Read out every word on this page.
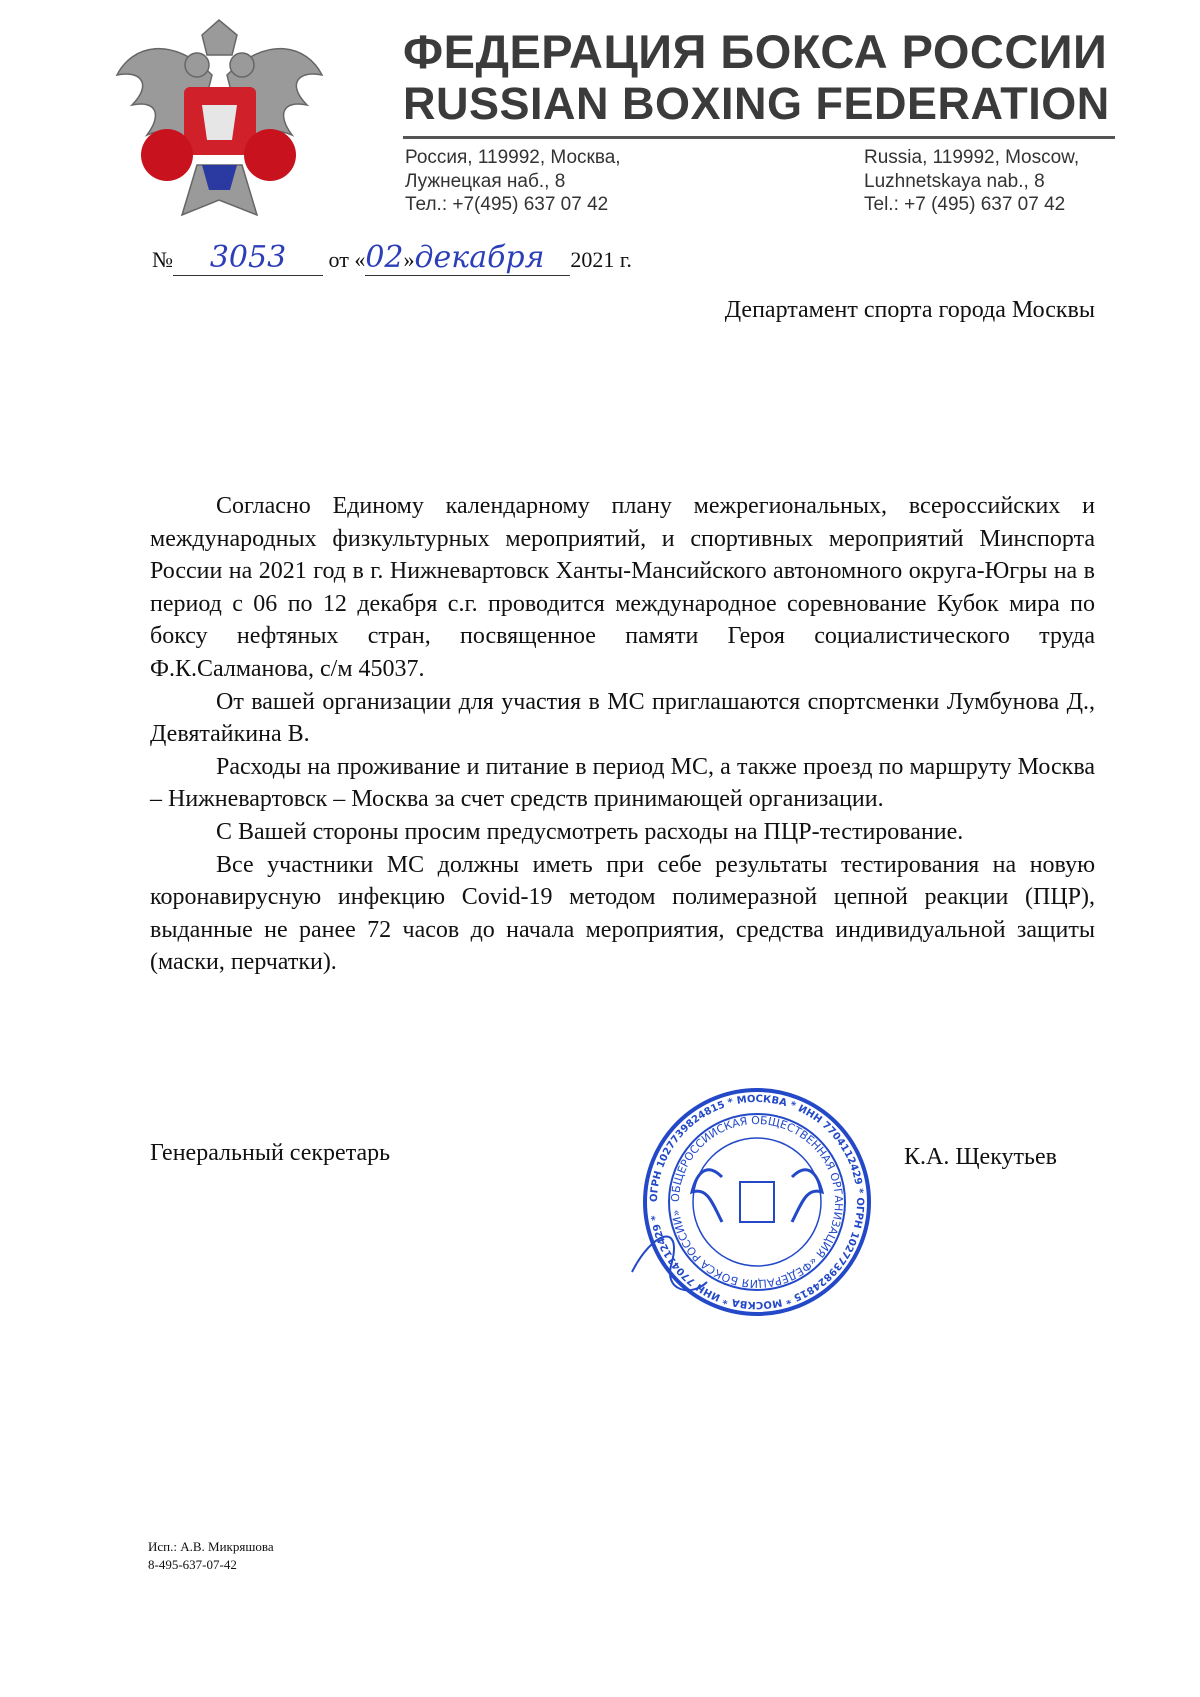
ФЕДЕРАЦИЯ БОКСА РОССИИ
RUSSIAN BOXING FEDERATION
Россия, 119992, Москва,
Лужнецкая наб., 8
Тел.: +7(495) 637 07 42
Russia, 119992, Moscow,
Luzhnetskaya nab., 8
Tel.: +7 (495) 637 07 42
№ 3053 от «02»декабря 2021 г.
Департамент спорта города Москвы

Согласно Единому календарному плану межрегиональных, всероссийских и международных физкультурных мероприятий, и спортивных мероприятий Минспорта России на 2021 год в г. Нижневартовск Ханты-Мансийского автономного округа-Югры на в период с 06 по 12 декабря с.г. проводится международное соревнование Кубок мира по боксу нефтяных стран, посвященное памяти Героя социалистического труда Ф.К.Салманова, с/м 45037.

От вашей организации для участия в МС приглашаются спортсменки Лумбунова Д., Девятайкина В.

Расходы на проживание и питание в период МС, а также проезд по маршруту Москва – Нижневартовск – Москва за счет средств принимающей организации.

С Вашей стороны просим предусмотреть расходы на ПЦР-тестирование.

Все участники МС должны иметь при себе результаты тестирования на новую коронавирусную инфекцию Covid-19 методом полимеразной цепной реакции (ПЦР), выданные не ранее 72 часов до начала мероприятия, средства индивидуальной защиты (маски, перчатки).

Генеральный секретарь
ОГРН 1027739824815 * МОСКВА * ИНН 7704112429 * ОГРН 1027739824815 * МОСКВА * ИНН 7704112429 *
ОБЩЕРОССИЙСКАЯ ОБЩЕСТВЕННАЯ ОРГАНИЗАЦИЯ «ФЕДЕРАЦИЯ БОКСА РОССИИ»
К.А. Щекутьев
Исп.: А.В. Микряшова
8-495-637-07-42
